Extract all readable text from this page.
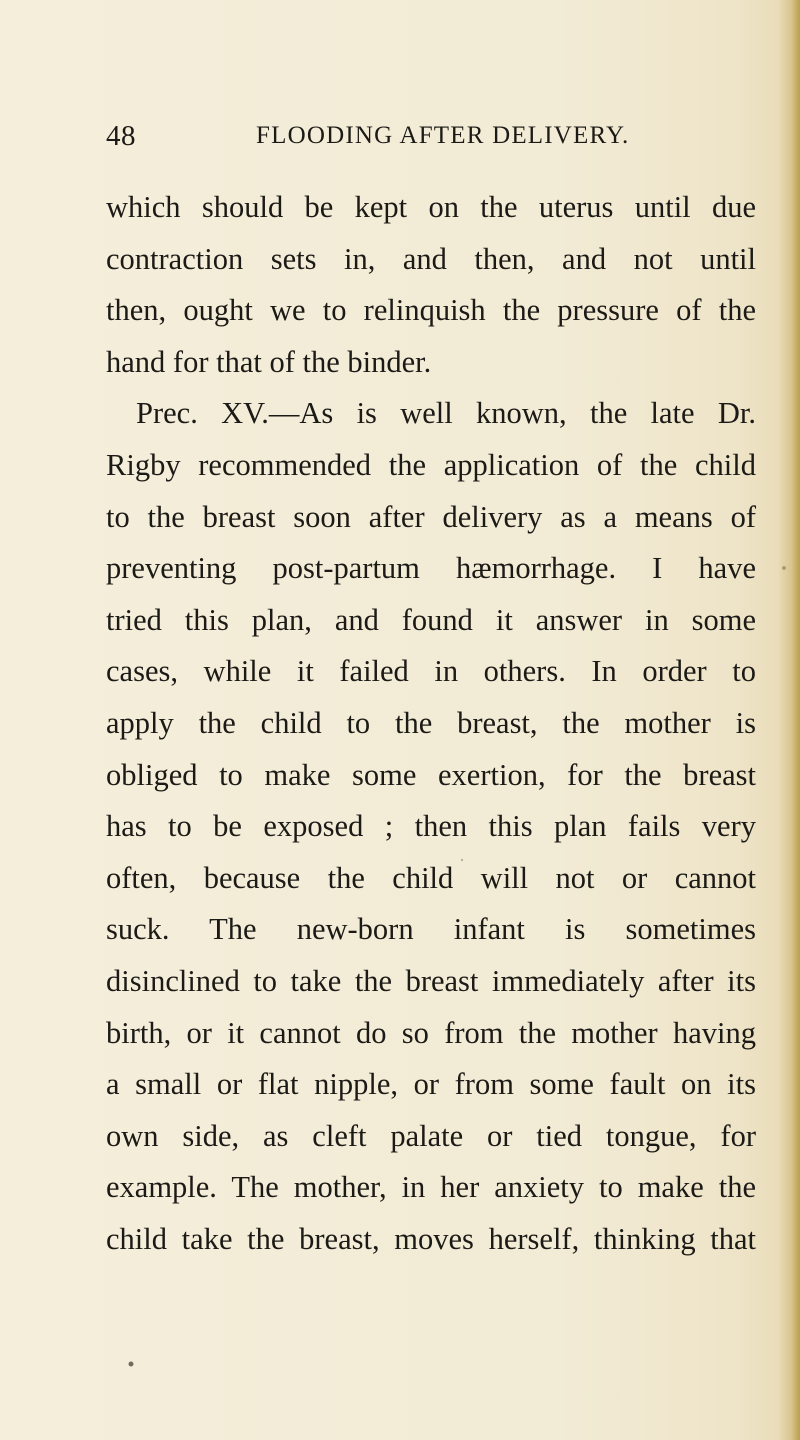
48	FLOODING AFTER DELIVERY.
which should be kept on the uterus until due
contraction sets in, and then, and not until
then, ought we to relinquish the pressure of the
hand for that of the binder.
Prec. XV.—As is well known, the late Dr.
Rigby recommended the application of the child
to the breast soon after delivery as a means of
preventing post-partum hæmorrhage. I have
tried this plan, and found it answer in some
cases, while it failed in others. In order to
apply the child to the breast, the mother is
obliged to make some exertion, for the breast
has to be exposed ; then this plan fails very
often, because the child will not or cannot
suck. The new-born infant is sometimes
disinclined to take the breast immediately after its
birth, or it cannot do so from the mother having
a small or flat nipple, or from some fault on its
own side, as cleft palate or tied tongue, for
example. The mother, in her anxiety to make the
child take the breast, moves herself, thinking that
